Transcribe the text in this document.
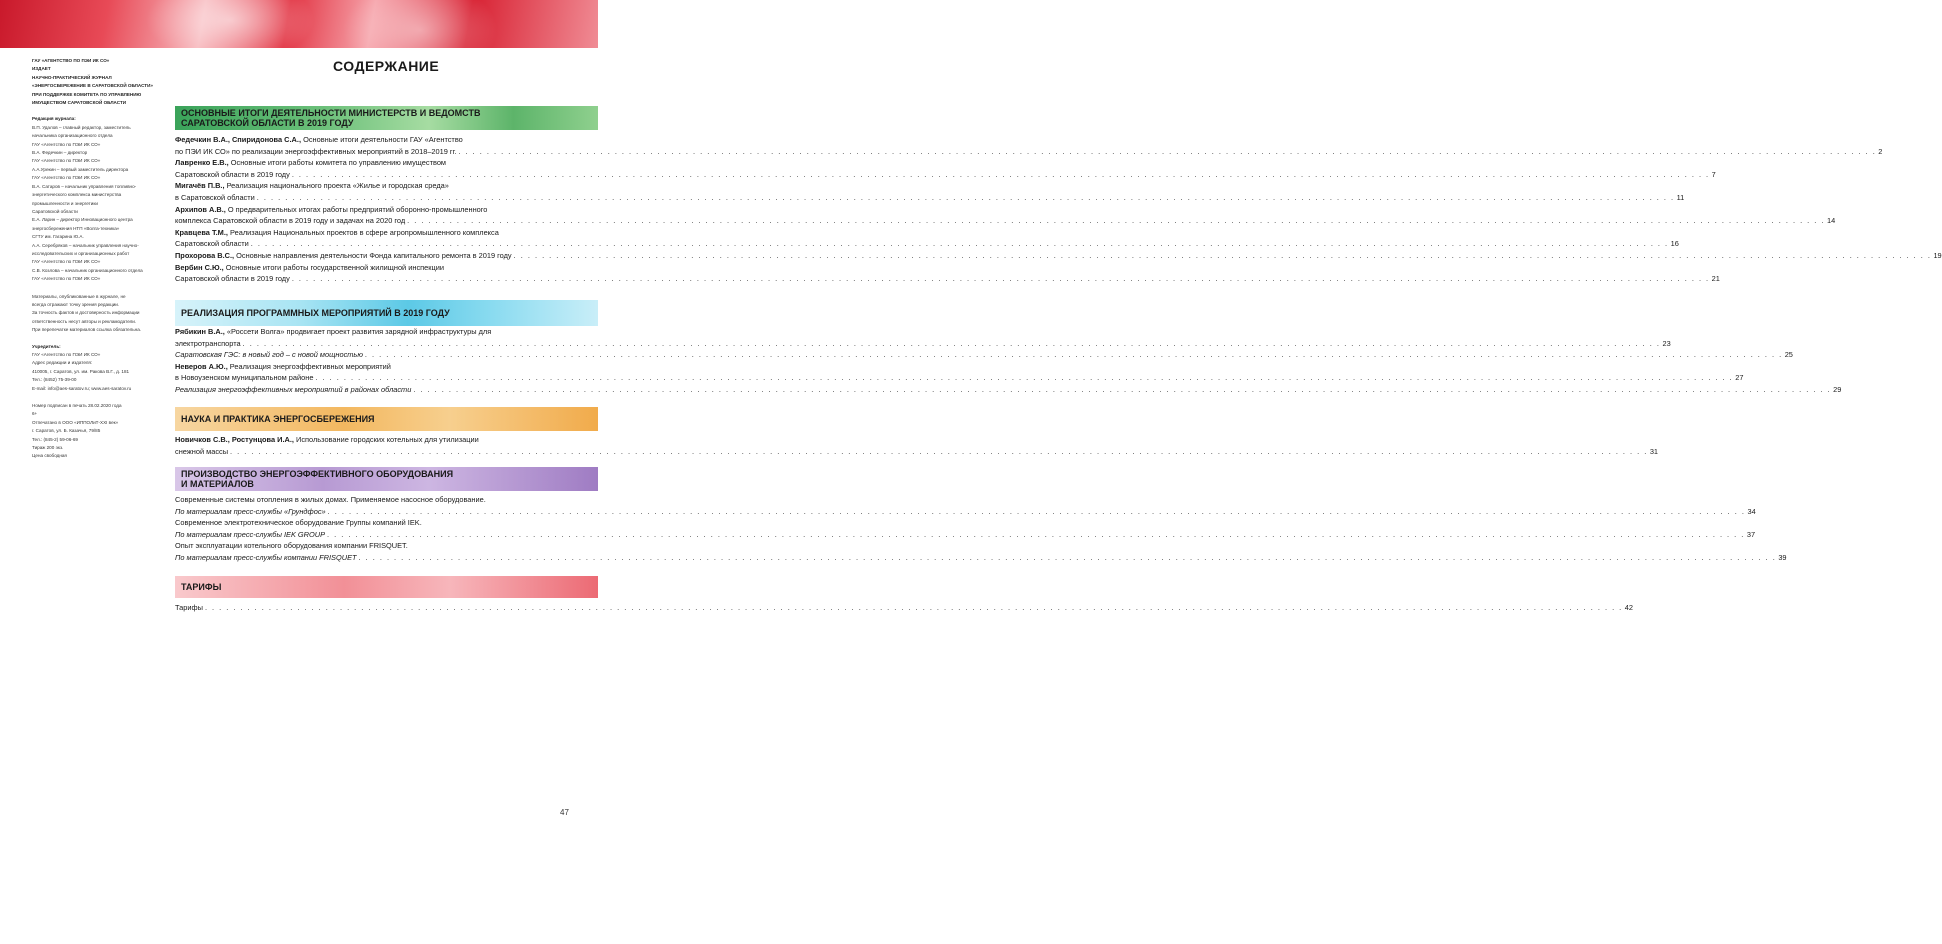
ГАУ «АГЕНТСТВО ПО ПЭИ ИК СО»
ИЗДАЕТ
НАУЧНО-ПРАКТИЧЕСКИЙ ЖУРНАЛ
«ЭНЕРГОСБЕРЕЖЕНИЕ В САРАТОВСКОЙ ОБЛАСТИ»
ПРИ ПОДДЕРЖКЕ КОМИТЕТА ПО УПРАВЛЕНИЮ
ИМУЩЕСТВОМ САРАТОВСКОЙ ОБЛАСТИ
Редакция журнала:
В.П. Удалов – главный редактор, заместитель
начальника организационного отдела
ГАУ «Агентство по ПЭИ ИК СО»
В.А. Федечкин – директор
ГАУ «Агентство по ПЭИ ИК СО»
А.А.Урекин – первый заместитель директора
ГАУ «Агентство по ПЭИ ИК СО»
В.А. Сатаров – начальник управления топливно-
энергетического комплекса министерства
промышленности и энергетики
Саратовской области
Е.А. Ларин – директор Инновационного центра
энергосбережения НТП «Волга-техника»
СГТУ им. Гагарина Ю.А.
А.А. Серебряков – начальник управления научно-
исследовательских и организационных работ
ГАУ «Агентство по ПЭИ ИК СО»
С.В. Козлова – начальник организационного отдела
ГАУ «Агентство по ПЭИ ИК СО»
Материалы, опубликованные в журнале, не
всегда отражают точку зрения редакции.
За точность фактов и достоверность информации
ответственность несут авторы и рекламодатели.
При перепечатке материалов ссылка обязательна.
Учредитель:
ГАУ «Агентство по ПЭИ ИК СО»
Адрес редакции и издателя:
410005, г. Саратов, ул. им. Ракова В.Г., д. 181
Тел.: (8452) 75-39-00
E-mail: info@aes-saratov.ru; www.aes-saratov.ru
Номер подписан в печать 28.02.2020 года
6+
Отпечатано в ООО «ИППОЛиТ-XXI век»
г. Саратов, ул. Б. Казачья, 79/85
Тел.: (845-2) 59-06-69
Тираж 200 экз.
Цена свободная
СОДЕРЖАНИЕ
ОСНОВНЫЕ ИТОГИ ДЕЯТЕЛЬНОСТИ МИНИСТЕРСТВ И ВЕДОМСТВ
САРАТОВСКОЙ ОБЛАСТИ В 2019 ГОДУ
Федечкин В.А., Спиридонова С.А., Основные итоги деятельности ГАУ «Агентство
по ПЭИ ИК СО» по реализации энергоэффективных мероприятий в 2018–2019 гг. . . . . . . . . . . . . . . . . . . . . . . . . . . . . . . . . . . . . . . . . . . . . . . . . . . . . . . . . . . . . . . . . . . . . . . . . . . . . . . . . . . . . . . . . . . . . . . . . . . . . . . . . . . . . . . . . . . . . . . . . . . . . . . . . . . . . . . . . . . . . . . . . . . . . . . . . . . . . . . . . . . . . . . . . . . . . . . . . . . . . . . . . . . . . . . . . . . . . . . . . 2
Лавренко Е.В., Основные итоги работы комитета по управлению имуществом
Саратовской области в 2019 году . . . . . . . . . . . . . . . . . . . . . . . . . . . . . . . . . . . . . . . . . . . . . . . . . . . . . . . . . . . . . . . . . . . . . . . . . . . . . . . . . . . . . . . . . . . . . . . . . . . . . . . . . . . . . . . . . . . . . . . . . . . . . . . . . . . . . . . . . . . . . . . . . . . . . . . . . . . . . . . . . . . . . . . . . . . . . . . . . . . . . . . . . . . . . . . . . . . . . . . . 7
Мигачёв П.В., Реализация национального проекта «Жилье и городская среда»
в Саратовской области . . . . . . . . . . . . . . . . . . . . . . . . . . . . . . . . . . . . . . . . . . . . . . . . . . . . . . . . . . . . . . . . . . . . . . . . . . . . . . . . . . . . . . . . . . . . . . . . . . . . . . . . . . . . . . . . . . . . . . . . . . . . . . . . . . . . . . . . . . . . . . . . . . . . . . . . . . . . . . . . . . . . . . . . . . . . . . . . . . . . . . . . . . . . . . . . . . . . . . . . 11
Архипов А.В., О предварительных итогах работы предприятий оборонно-промышленного
комплекса Саратовской области в 2019 году и задачах на 2020 год . . . . . . . . . . . . . . . . . . . . . . . . . . . . . . . . . . . . . . . . . . . . . . . . . . . . . . . . . . . . . . . . . . . . . . . . . . . . . . . . . . . . . . . . . . . . . . . . . . . . . . . . . . . . . . . . . . . . . . . . . . . . . . . . . . . . . . . . . . . . . . . . . . . . . . . . . . . . . . . . . . . . . . . . . . . . . . . . . . . . . . . . . . . . . . . . . . . . . . . . 14
Кравцева Т.М., Реализация Национальных проектов в сфере агропромышленного комплекса
Саратовской области . . . . . . . . . . . . . . . . . . . . . . . . . . . . . . . . . . . . . . . . . . . . . . . . . . . . . . . . . . . . . . . . . . . . . . . . . . . . . . . . . . . . . . . . . . . . . . . . . . . . . . . . . . . . . . . . . . . . . . . . . . . . . . . . . . . . . . . . . . . . . . . . . . . . . . . . . . . . . . . . . . . . . . . . . . . . . . . . . . . . . . . . . . . . . . . . . . . . . . . . 16
Прохорова В.С., Основные направления деятельности Фонда капитального ремонта в 2019 году . . . . . . . . . . . . . . . . . . . . . . . . . . . . . . . . . . . . . . . . . . . . . . . . . . . . . . . . . . . . . . . . . . . . . . . . . . . . . . . . . . . . . . . . . . . . . . . . . . . . . . . . . . . . . . . . . . . . . . . . . . . . . . . . . . . . . . . . . . . . . . . . . . . . . . . . . . . . . . . . . . . . . . . . . . . . . . . . . . . . . . . . . . . . . . . . . . . . . . . . 19
Вербин С.Ю., Основные итоги работы государственной жилищной инспекции
Саратовской области в 2019 году . . . . . . . . . . . . . . . . . . . . . . . . . . . . . . . . . . . . . . . . . . . . . . . . . . . . . . . . . . . . . . . . . . . . . . . . . . . . . . . . . . . . . . . . . . . . . . . . . . . . . . . . . . . . . . . . . . . . . . . . . . . . . . . . . . . . . . . . . . . . . . . . . . . . . . . . . . . . . . . . . . . . . . . . . . . . . . . . . . . . . . . . . . . . . . . . . . . . . . . . 21
РЕАЛИЗАЦИЯ ПРОГРАММНЫХ МЕРОПРИЯТИЙ В 2019 ГОДУ
Рябикин В.А., «Россети Волга» продвигает проект развития зарядной инфраструктуры для
электротранспорта . . . . . . . . . . . . . . . . . . . . . . . . . . . . . . . . . . . . . . . . . . . . . . . . . . . . . . . . . . . . . . . . . . . . . . . . . . . . . . . . . . . . . . . . . . . . . . . . . . . . . . . . . . . . . . . . . . . . . . . . . . . . . . . . . . . . . . . . . . . . . . . . . . . . . . . . . . . . . . . . . . . . . . . . . . . . . . . . . . . . . . . . . . . . . . . . . . . . . . . . 23
Саратовская ГЭС: в новый год – с новой мощностью . . . . . . . . . . . . . . . . . . . . . . . . . . . . . . . . . . . . . . . . . . . . . . . . . . . . . . . . . . . . . . . . . . . . . . . . . . . . . . . . . . . . . . . . . . . . . . . . . . . . . . . . . . . . . . . . . . . . . . . . . . . . . . . . . . . . . . . . . . . . . . . . . . . . . . . . . . . . . . . . . . . . . . . . . . . . . . . . . . . . . . . . . . . . . . . . . . . . . . . . 25
Неверов А.Ю., Реализация энергоэффективных мероприятий
в Новоузенском муниципальном районе . . . . . . . . . . . . . . . . . . . . . . . . . . . . . . . . . . . . . . . . . . . . . . . . . . . . . . . . . . . . . . . . . . . . . . . . . . . . . . . . . . . . . . . . . . . . . . . . . . . . . . . . . . . . . . . . . . . . . . . . . . . . . . . . . . . . . . . . . . . . . . . . . . . . . . . . . . . . . . . . . . . . . . . . . . . . . . . . . . . . . . . . . . . . . . . . . . . . . . . . 27
Реализация энергоэффективных мероприятий в районах области . . . . . . . . . . . . . . . . . . . . . . . . . . . . . . . . . . . . . . . . . . . . . . . . . . . . . . . . . . . . . . . . . . . . . . . . . . . . . . . . . . . . . . . . . . . . . . . . . . . . . . . . . . . . . . . . . . . . . . . . . . . . . . . . . . . . . . . . . . . . . . . . . . . . . . . . . . . . . . . . . . . . . . . . . . . . . . . . . . . . . . . . . . . . . . . . . . . . . . . . 29
НАУКА И ПРАКТИКА ЭНЕРГОСБЕРЕЖЕНИЯ
Новичков С.В., Ростунцова И.А., Использование городских котельных для утилизации
снежной массы . . . . . . . . . . . . . . . . . . . . . . . . . . . . . . . . . . . . . . . . . . . . . . . . . . . . . . . . . . . . . . . . . . . . . . . . . . . . . . . . . . . . . . . . . . . . . . . . . . . . . . . . . . . . . . . . . . . . . . . . . . . . . . . . . . . . . . . . . . . . . . . . . . . . . . . . . . . . . . . . . . . . . . . . . . . . . . . . . . . . . . . . . . . . . . . . . . . . . . . . 31
ПРОИЗВОДСТВО ЭНЕРГОЭФФЕКТИВНОГО ОБОРУДОВАНИЯ
И МАТЕРИАЛОВ
Современные системы отопления в жилых домах. Применяемое насосное оборудование.
По материалам пресс-службы «Грундфос» . . . . . . . . . . . . . . . . . . . . . . . . . . . . . . . . . . . . . . . . . . . . . . . . . . . . . . . . . . . . . . . . . . . . . . . . . . . . . . . . . . . . . . . . . . . . . . . . . . . . . . . . . . . . . . . . . . . . . . . . . . . . . . . . . . . . . . . . . . . . . . . . . . . . . . . . . . . . . . . . . . . . . . . . . . . . . . . . . . . . . . . . . . . . . . . . . . . . . . . . 34
Современное электротехническое оборудование Группы компаний IEK.
По материалам пресс-службы IEK GROUP . . . . . . . . . . . . . . . . . . . . . . . . . . . . . . . . . . . . . . . . . . . . . . . . . . . . . . . . . . . . . . . . . . . . . . . . . . . . . . . . . . . . . . . . . . . . . . . . . . . . . . . . . . . . . . . . . . . . . . . . . . . . . . . . . . . . . . . . . . . . . . . . . . . . . . . . . . . . . . . . . . . . . . . . . . . . . . . . . . . . . . . . . . . . . . . . . . . . . . . . 37
Опыт эксплуатации котельного оборудования компании FRISQUET.
По материалам пресс-службы компании FRISQUET . . . . . . . . . . . . . . . . . . . . . . . . . . . . . . . . . . . . . . . . . . . . . . . . . . . . . . . . . . . . . . . . . . . . . . . . . . . . . . . . . . . . . . . . . . . . . . . . . . . . . . . . . . . . . . . . . . . . . . . . . . . . . . . . . . . . . . . . . . . . . . . . . . . . . . . . . . . . . . . . . . . . . . . . . . . . . . . . . . . . . . . . . . . . . . . . . . . . . . . . 39
ТАРИФЫ
Тарифы . . . . . . . . . . . . . . . . . . . . . . . . . . . . . . . . . . . . . . . . . . . . . . . . . . . . . . . . . . . . . . . . . . . . . . . . . . . . . . . . . . . . . . . . . . . . . . . . . . . . . . . . . . . . . . . . . . . . . . . . . . . . . . . . . . . . . . . . . . . . . . . . . . . . . . . . . . . . . . . . . . . . . . . . . . . . . . . . . . . . . . . . . . . . . . . . . . . . . . . . 42
47
